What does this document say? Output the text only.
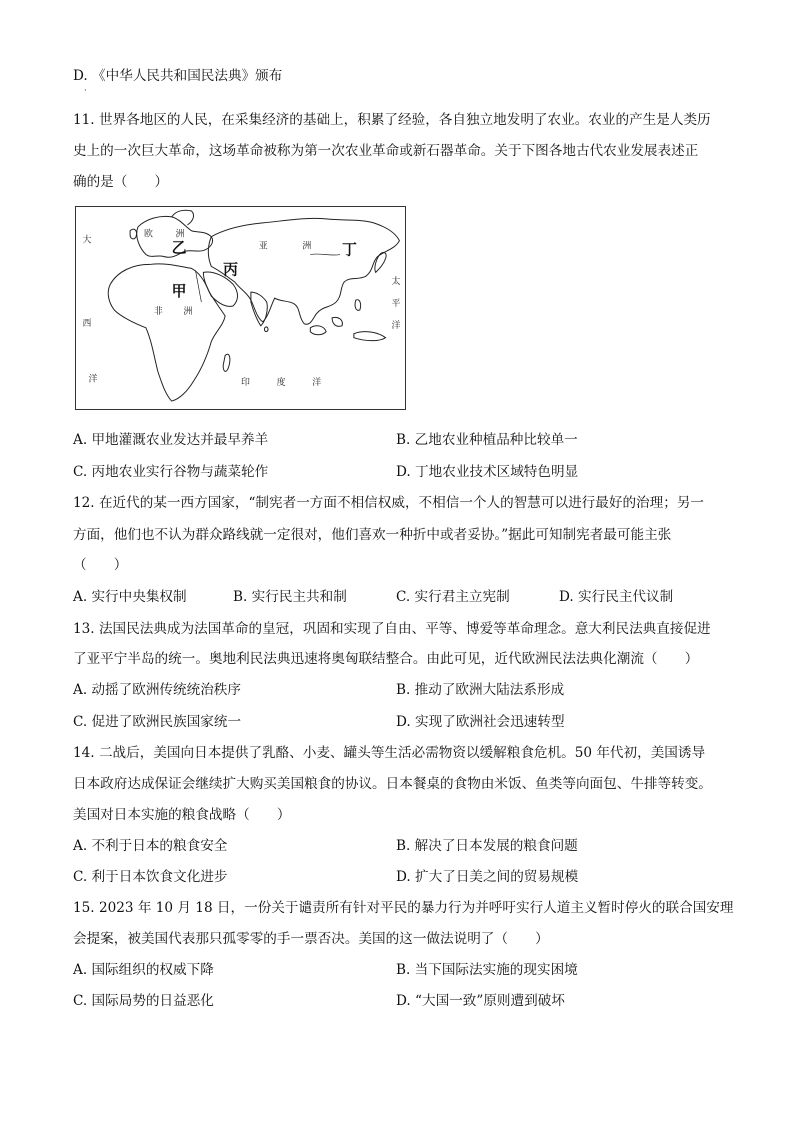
D. 《中华人民共和国民法典》颁布
·
11. 世界各地区的人民，在采集经济的基础上，积累了经验，各自独立地发明了农业。农业的产生是人类历
史上的一次巨大革命，这场革命被称为第一次农业革命或新石器革命。关于下图各地古代农业发展表述正
确的是（　　）
欧	洲
亚	洲
非 洲
大
西
洋	印	度	洋
太
平
洋
甲
乙
丙
丁
A. 甲地灌溉农业发达并最早养羊	B. 乙地农业种植品种比较单一
C. 丙地农业实行谷物与蔬菜轮作	D. 丁地农业技术区域特色明显
12. 在近代的某一西方国家，“制宪者一方面不相信权威，不相信一个人的智慧可以进行最好的治理；另一
方面，他们也不认为群众路线就一定很对，他们喜欢一种折中或者妥协。”据此可知制宪者最可能主张
（　　）
A. 实行中央集权制	B. 实行民主共和制	C. 实行君主立宪制	D. 实行民主代议制
13. 法国民法典成为法国革命的皇冠，巩固和实现了自由、平等、博爱等革命理念。意大利民法典直接促进
了亚平宁半岛的统一。奥地利民法典迅速将奥匈联结整合。由此可见，近代欧洲民法法典化潮流（　　）
A. 动摇了欧洲传统统治秩序	B. 推动了欧洲大陆法系形成
C. 促进了欧洲民族国家统一	D. 实现了欧洲社会迅速转型
14. 二战后，美国向日本提供了乳酪、小麦、罐头等生活必需物资以缓解粮食危机。50 年代初，美国诱导
日本政府达成保证会继续扩大购买美国粮食的协议。日本餐桌的食物由米饭、鱼类等向面包、牛排等转变。
美国对日本实施的粮食战略（　　）
A. 不利于日本的粮食安全	B. 解决了日本发展的粮食问题
C. 利于日本饮食文化进步	D. 扩大了日美之间的贸易规模
15. 2023 年 10 月 18 日，一份关于谴责所有针对平民的暴力行为并呼吁实行人道主义暂时停火的联合国安理
会提案，被美国代表那只孤零零的手一票否决。美国的这一做法说明了（　　）
A. 国际组织的权威下降	B. 当下国际法实施的现实困境
C. 国际局势的日益恶化	D. “大国一致”原则遭到破坏
